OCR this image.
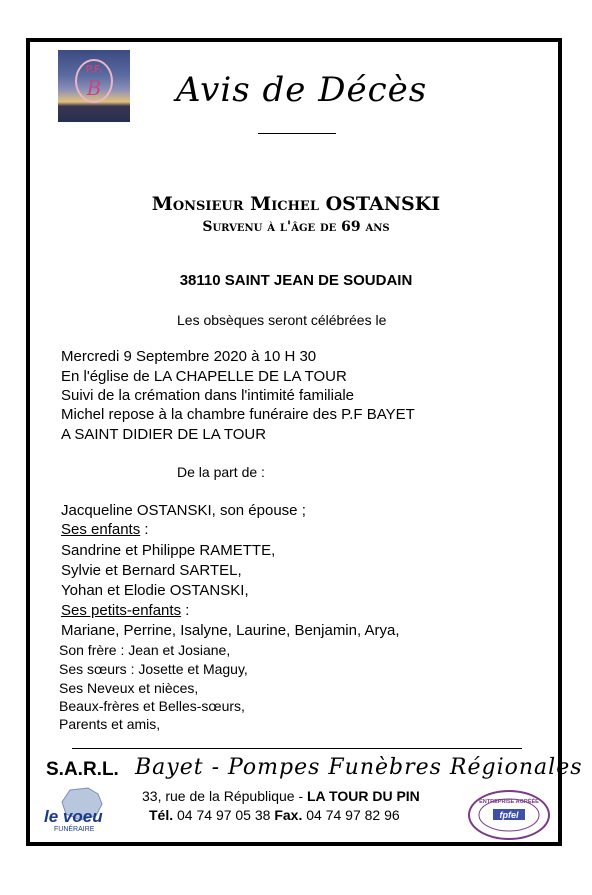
P.F.
B	Avis de Décès
Monsieur Michel OSTANSKI
Survenu à l'âge de 69 ans
38110 SAINT JEAN DE SOUDAIN
Les obsèques seront célébrées le
Mercredi 9 Septembre 2020 à 10 H 30
En l'église de LA CHAPELLE DE LA TOUR
Suivi de la crémation dans l'intimité familiale
Michel repose à la chambre funéraire des P.F BAYET
A SAINT DIDIER DE LA TOUR
De la part de :
Jacqueline OSTANSKI, son épouse ;
Ses enfants :
Sandrine et Philippe RAMETTE,
Sylvie et Bernard SARTEL,
Yohan et Elodie OSTANSKI,
Ses petits-enfants :
Mariane, Perrine, Isalyne, Laurine, Benjamin, Arya,
Son frère : Jean et Josiane,
Ses sœurs : Josette et Maguy,
Ses Neveux et nièces,
Beaux-frères et Belles-sœurs,
Parents et amis,
S.A.R.L. Bayet - Pompes Funèbres Régionales
le voeu
FUNÉRAIRE
33, rue de la République - LA TOUR DU PIN
Tél. 04 74 97 05 38 Fax. 04 74 97 82 96
ENTREPRISE AGRÉÉE
fpfel
